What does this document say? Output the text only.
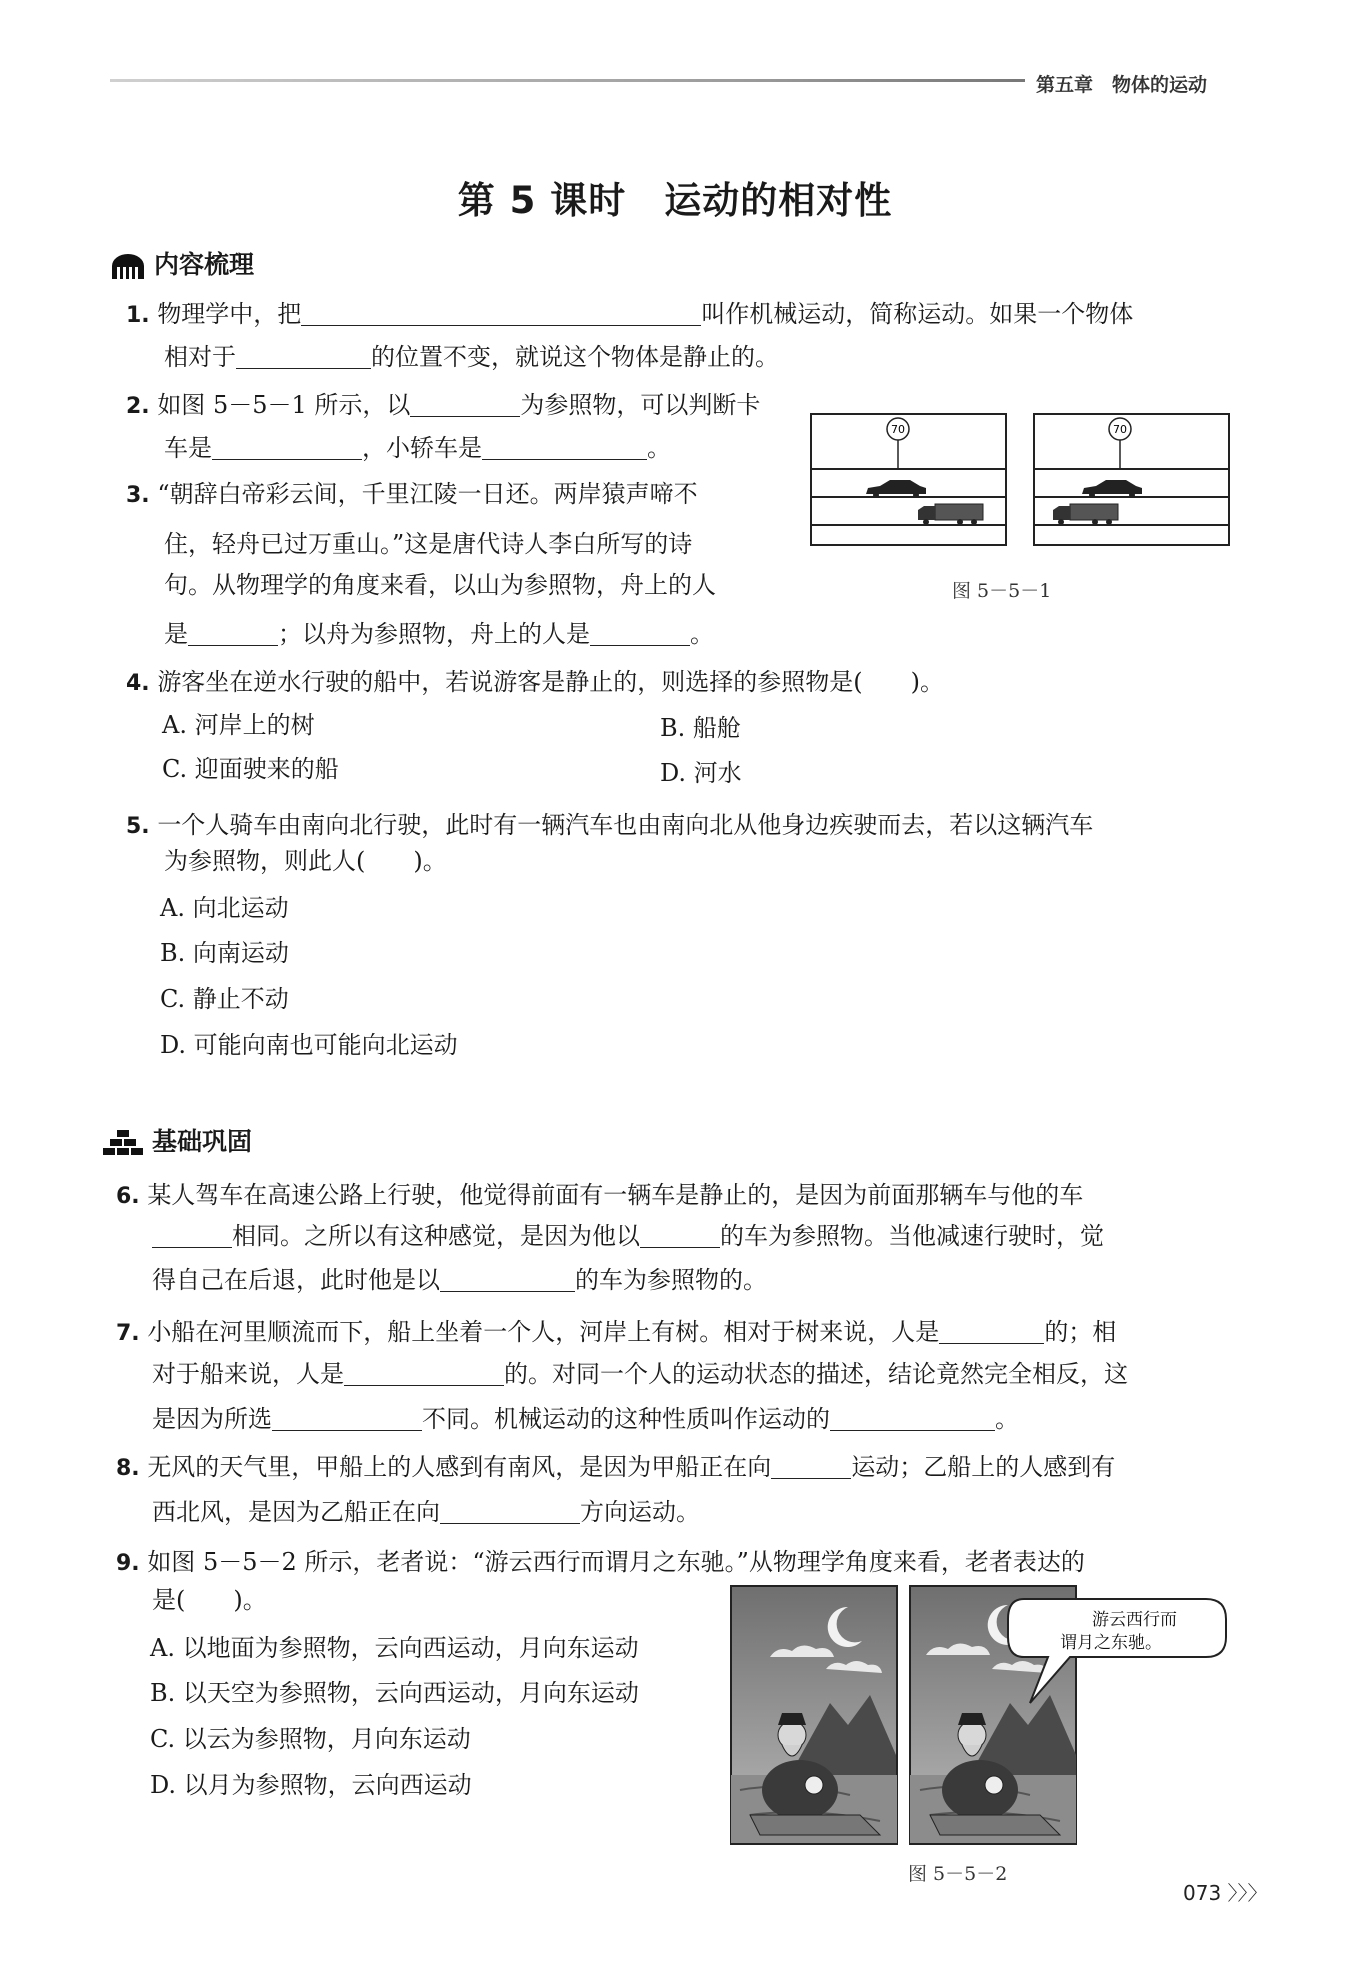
第五章　物体的运动
第 5 课时　运动的相对性
内容梳理
1. 物理学中，把	叫作机械运动，简称运动。如果一个物体
相对于	的位置不变，就说这个物体是静止的。
2. 如图 5－5－1 所示，以	为参照物，可以判断卡
车是	，小轿车是	。
70	70
图 5－5－1
3. “朝辞白帝彩云间，千里江陵一日还。两岸猿声啼不
住，轻舟已过万重山。”这是唐代诗人李白所写的诗
句。从物理学的角度来看，以山为参照物，舟上的人
是	；以舟为参照物，舟上的人是	。
4. 游客坐在逆水行驶的船中，若说游客是静止的，则选择的参照物是(　　)。
A. 河岸上的树	B. 船舱
C. 迎面驶来的船	D. 河水
5. 一个人骑车由南向北行驶，此时有一辆汽车也由南向北从他身边疾驶而去，若以这辆汽车
为参照物，则此人(　　)。
A. 向北运动
B. 向南运动
C. 静止不动
D. 可能向南也可能向北运动
基础巩固
6. 某人驾车在高速公路上行驶，他觉得前面有一辆车是静止的，是因为前面那辆车与他的车
相同。之所以有这种感觉，是因为他以	的车为参照物。当他减速行驶时，觉
得自己在后退，此时他是以	的车为参照物的。
7. 小船在河里顺流而下，船上坐着一个人，河岸上有树。相对于树来说，人是	的；相
对于船来说，人是	的。对同一个人的运动状态的描述，结论竟然完全相反，这
是因为所选	不同。机械运动的这种性质叫作运动的	。
8. 无风的天气里，甲船上的人感到有南风，是因为甲船正在向	运动；乙船上的人感到有
西北风，是因为乙船正在向	方向运动。
9. 如图 5－5－2 所示，老者说：“游云西行而谓月之东驰。”从物理学角度来看，老者表达的
是(　　)。
A. 以地面为参照物，云向西运动，月向东运动
B. 以天空为参照物，云向西运动，月向东运动
C. 以云为参照物，月向东运动
D. 以月为参照物，云向西运动
游云西行而
谓月之东驰。
图 5－5－2
073 〉〉〉
